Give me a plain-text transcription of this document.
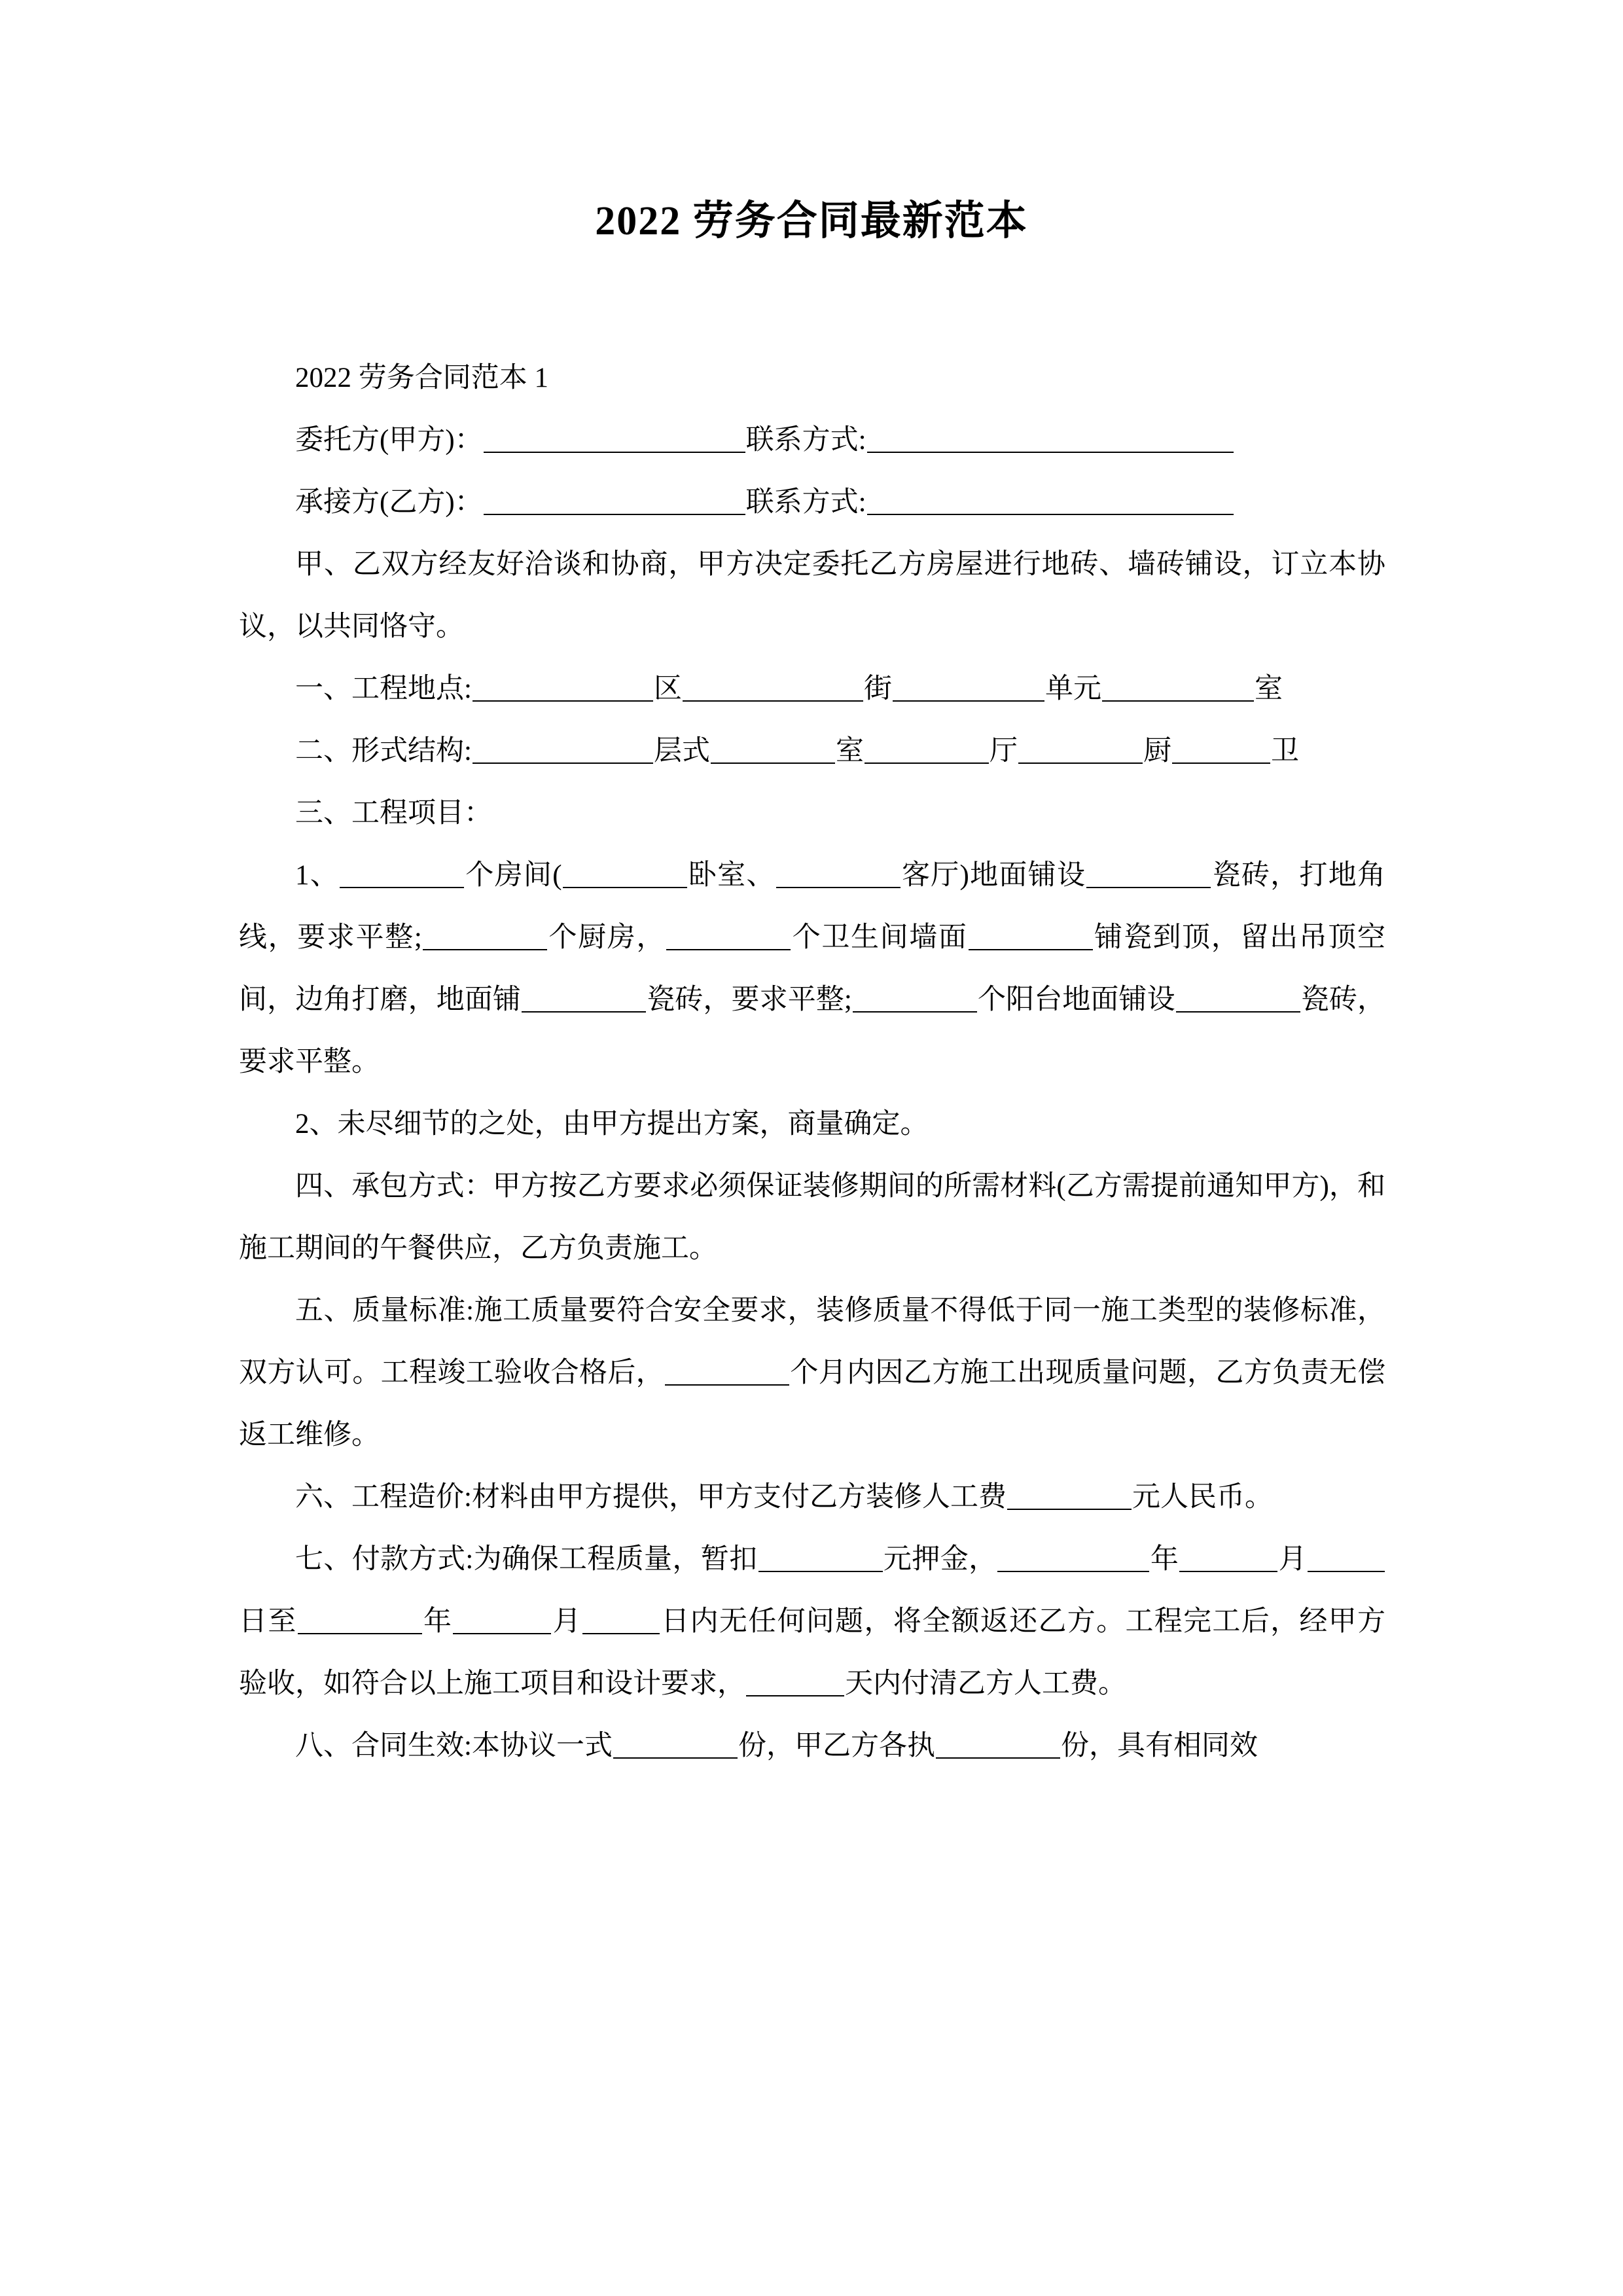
2022 劳务合同最新范本

2022 劳务合同范本 1

委托方(甲方)：	联系方式:

承接方(乙方)：	联系方式:

甲、乙双方经友好洽谈和协商，甲方决定委托乙方房屋进行地砖、墙砖铺设，订立本协议，以共同恪守。

一、工程地点:	区	街	单元	室

二、形式结构:	层式	室	厅	厨	卫

三、工程项目：

1、	个房间(	卧室、	客厅)地面铺设	瓷砖，打地角线，要求平整;	个厨房，	个卫生间墙面	铺瓷到顶，留出吊顶空间，边角打磨，地面铺	瓷砖，要求平整;	个阳台地面铺设	瓷砖，要求平整。

2、未尽细节的之处，由甲方提出方案，商量确定。

四、承包方式：甲方按乙方要求必须保证装修期间的所需材料(乙方需提前通知甲方)，和施工期间的午餐供应，乙方负责施工。

五、质量标准:施工质量要符合安全要求，装修质量不得低于同一施工类型的装修标准，双方认可。工程竣工验收合格后，	个月内因乙方施工出现质量问题，乙方负责无偿返工维修。

六、工程造价:材料由甲方提供，甲方支付乙方装修人工费	元人民币。

七、付款方式:为确保工程质量，暂扣	元押金，	年	月日至	年	月	日内无任何问题，将全额返还乙方。工程完工后，经甲方验收，如符合以上施工项目和设计要求，	天内付清乙方人工费。

八、合同生效:本协议一式	份，甲乙方各执	份，具有相同效
